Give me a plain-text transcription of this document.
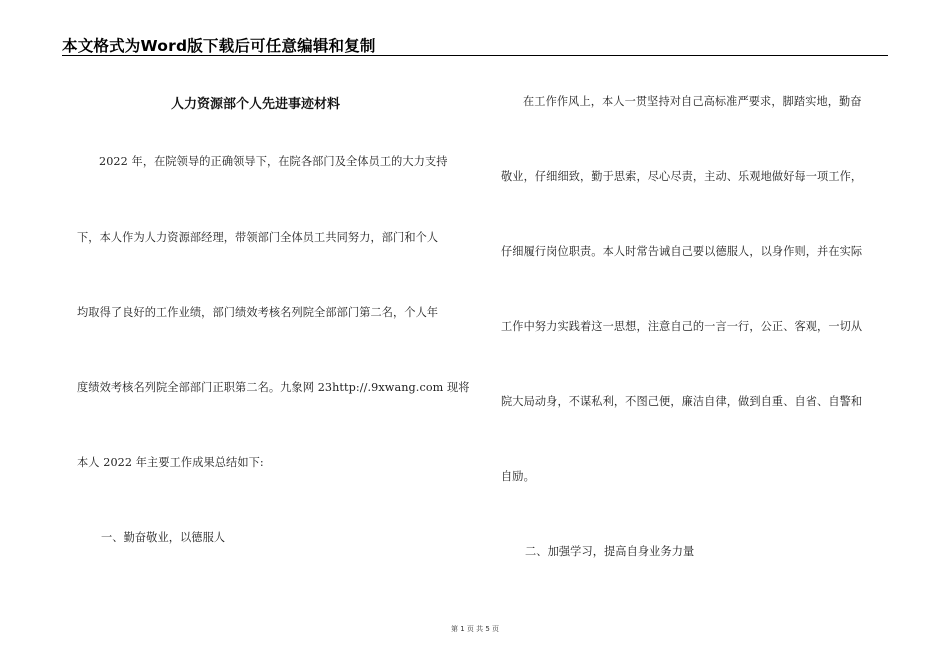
本文格式为Word版下载后可任意编辑和复制
人力资源部个人先进事迹材料
2022 年，在院领导的正确领导下，在院各部门及全体员工的大力支持
下，本人作为人力资源部经理，带领部门全体员工共同努力，部门和个人
均取得了良好的工作业绩，部门绩效考核名列院全部部门第二名，个人年
度绩效考核名列院全部部门正职第二名。九象网 23http://.9xwang.com 现将
本人 2022 年主要工作成果总结如下:
一、勤奋敬业，以德服人
在工作作风上，本人一贯坚持对自己高标准严要求，脚踏实地，勤奋
敬业，仔细细致，勤于思索，尽心尽责，主动、乐观地做好每一项工作，
仔细履行岗位职责。本人时常告诫自己要以德服人，以身作则，并在实际
工作中努力实践着这一思想，注意自己的一言一行，公正、客观，一切从
院大局动身，不谋私利，不图己便，廉洁自律，做到自重、自省、自警和
自励。
二、加强学习，提高自身业务力量
第 1 页 共 5 页
